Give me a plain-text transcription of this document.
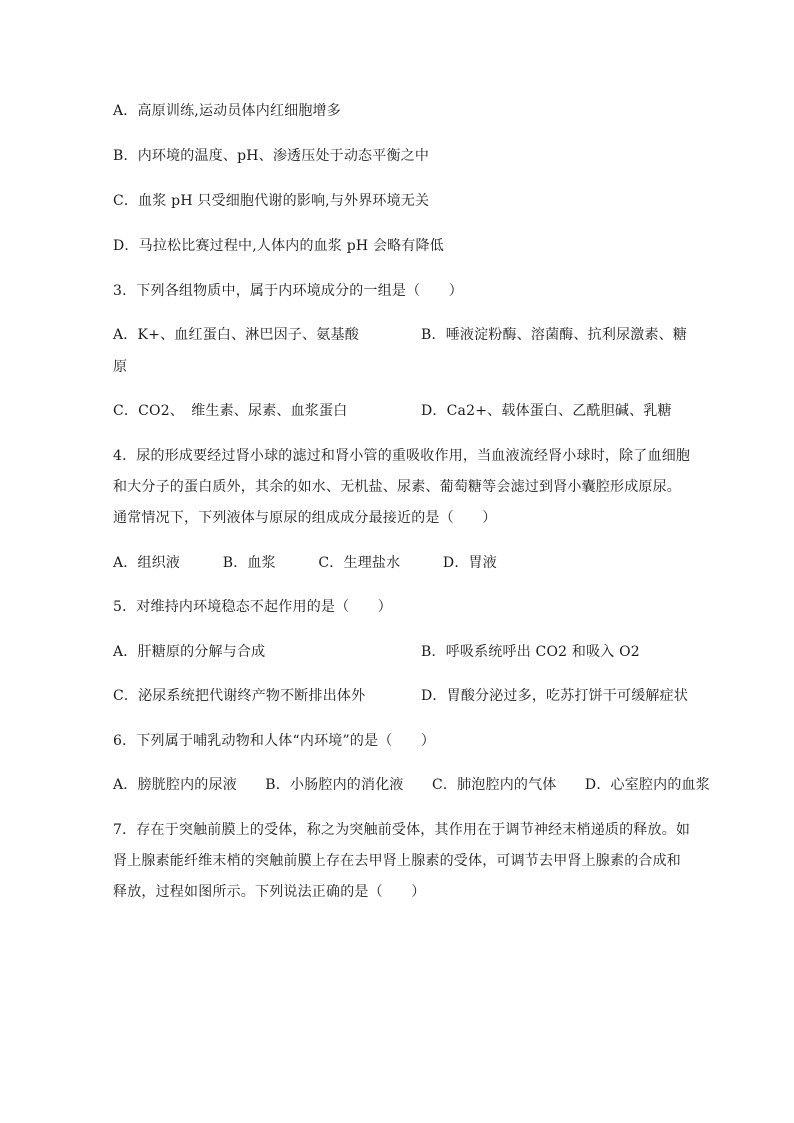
A．高原训练,运动员体内红细胞增多
B．内环境的温度、pH、渗透压处于动态平衡之中
C．血浆 pH 只受细胞代谢的影响,与外界环境无关
D．马拉松比赛过程中,人体内的血浆 pH 会略有降低
3．下列各组物质中，属于内环境成分的一组是（　　）
A．K+、血红蛋白、淋巴因子、氨基酸	B．唾液淀粉酶、溶菌酶、抗利尿激素、糖
原
C．CO2、　维生素、尿素、血浆蛋白	D．Ca2+、载体蛋白、乙酰胆碱、乳糖
4．尿的形成要经过肾小球的滤过和肾小管的重吸收作用，当血液流经肾小球时，除了血细胞
和大分子的蛋白质外，其余的如水、无机盐、尿素、葡萄糖等会滤过到肾小囊腔形成原尿。
通常情况下，下列液体与原尿的组成成分最接近的是（　　）
A．组织液　　　B．血浆　　　C．生理盐水　　　D．胃液
5．对维持内环境稳态不起作用的是（　　）
A．肝糖原的分解与合成	B．呼吸系统呼出 CO2 和吸入 O2
C．泌尿系统把代谢终产物不断排出体外	D．胃酸分泌过多，吃苏打饼干可缓解症状
6．下列属于哺乳动物和人体“内环境”的是（　　）
A．膀胱腔内的尿液　　B．小肠腔内的消化液　　C．肺泡腔内的气体　　D．心室腔内的血浆
7．存在于突触前膜上的受体，称之为突触前受体，其作用在于调节神经末梢递质的释放。如
肾上腺素能纤维末梢的突触前膜上存在去甲肾上腺素的受体，可调节去甲肾上腺素的合成和
释放，过程如图所示。下列说法正确的是（　　）
